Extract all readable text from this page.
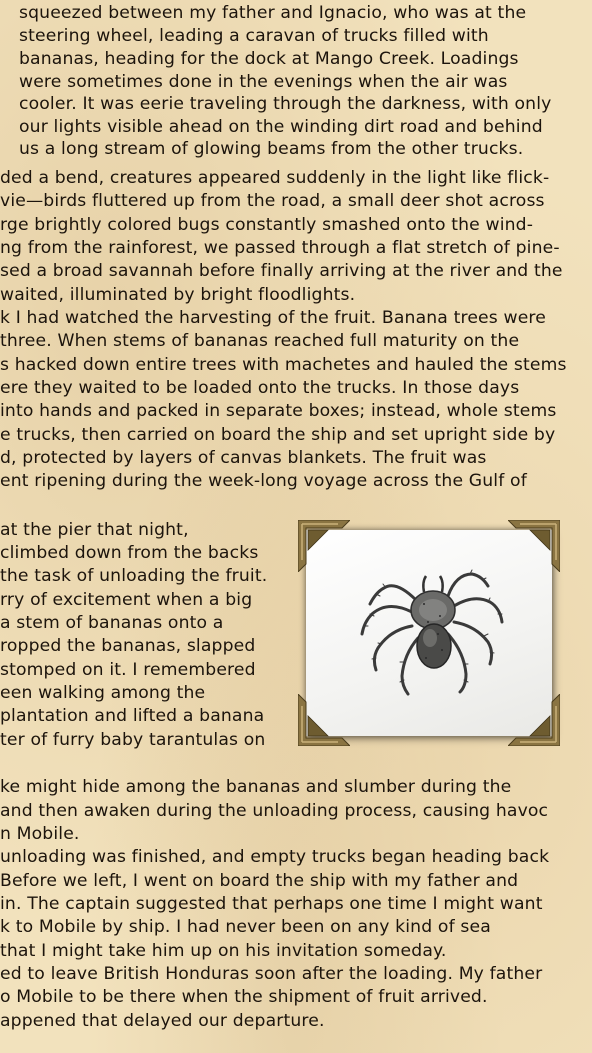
squeezed between my father and Ignacio, who was at the
steering wheel, leading a caravan of trucks filled with
bananas, heading for the dock at Mango Creek. Loadings
were sometimes done in the evenings when the air was
cooler. It was eerie traveling through the darkness, with only
our lights visible ahead on the winding dirt road and behind
us a long stream of glowing beams from the other trucks.
ded a bend, creatures appeared suddenly in the light like flick-
vie—birds fluttered up from the road, a small deer shot across
rge brightly colored bugs constantly smashed onto the wind-
ng from the rainforest, we passed through a flat stretch of pine-
sed a broad savannah before finally arriving at the river and the
waited, illuminated by bright floodlights.
k I had watched the harvesting of the fruit. Banana trees were
three. When stems of bananas reached full maturity on the
s hacked down entire trees with machetes and hauled the stems
ere they waited to be loaded onto the trucks. In those days
into hands and packed in separate boxes; instead, whole stems
e trucks, then carried on board the ship and set upright side by
d, protected by layers of canvas blankets. The fruit was
ent ripening during the week-long voyage across the Gulf of
at the pier that night,
climbed down from the backs
the task of unloading the fruit.
rry of excitement when a big
a stem of bananas onto a
ropped the bananas, slapped
stomped on it. I remembered
een walking among the
plantation and lifted a banana
ter of furry baby tarantulas on
ke might hide among the bananas and slumber during the
and then awaken during the unloading process, causing havoc
n Mobile.
unloading was finished, and empty trucks began heading back
Before we left, I went on board the ship with my father and
in. The captain suggested that perhaps one time I might want
k to Mobile by ship. I had never been on any kind of sea
that I might take him up on his invitation someday.
ed to leave British Honduras soon after the loading. My father
o Mobile to be there when the shipment of fruit arrived.
appened that delayed our departure.
